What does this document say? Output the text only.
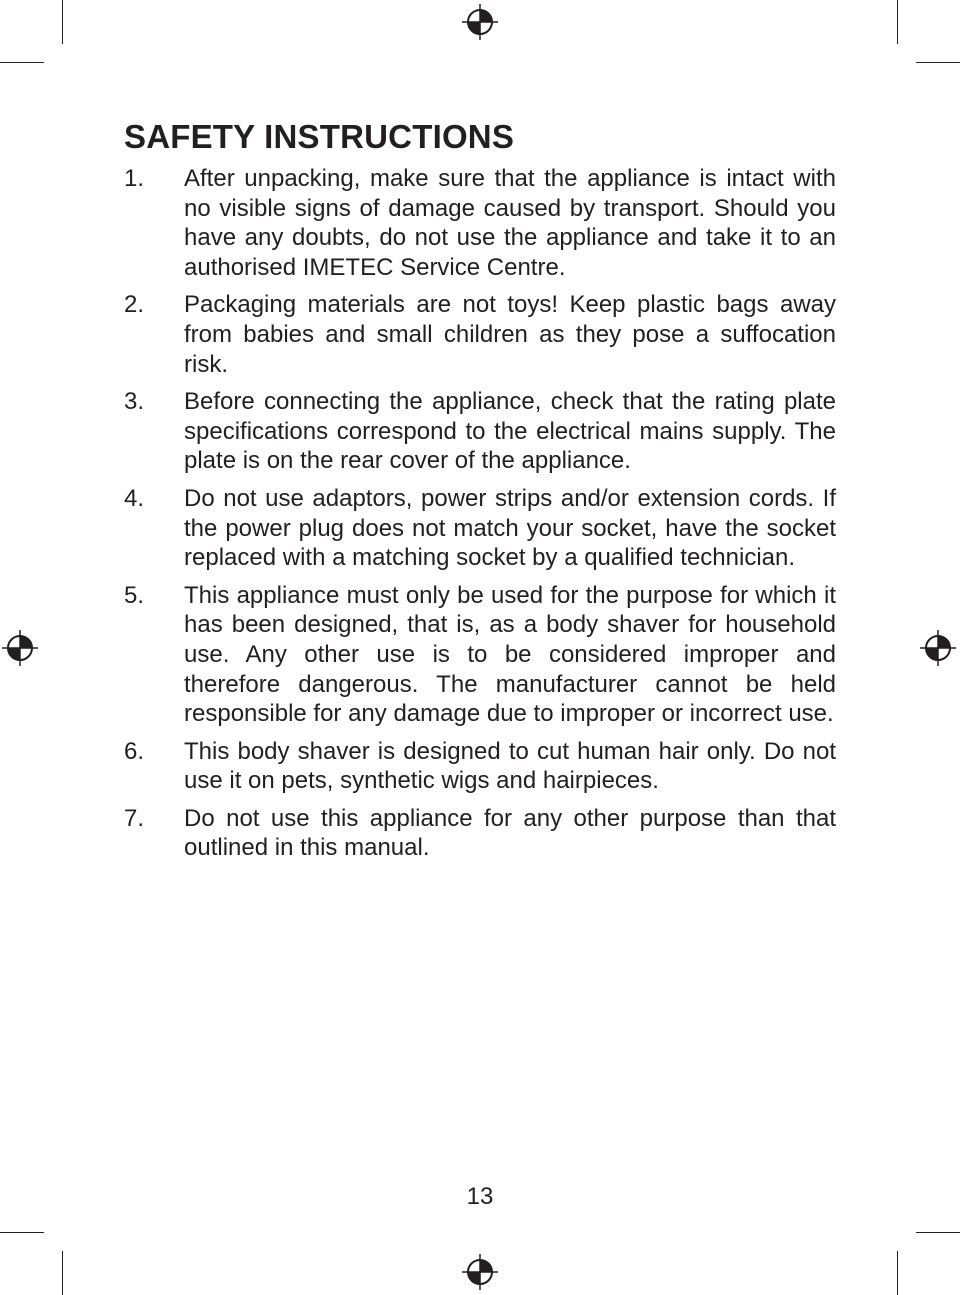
SAFETY INSTRUCTIONS
1.	After unpacking, make sure that the appliance is intact with no visible signs of damage caused by transport. Should you have any doubts, do not use the appliance and take it to an authorised IMETEC Service Centre.
2.	Packaging materials are not toys! Keep plastic bags away from babies and small children as they pose a suffocation risk.
3.	Before connecting the appliance, check that the rating plate specifications correspond to the electrical mains supply. The plate is on the rear cover of the appliance.
4.	Do not use adaptors, power strips and/or extension cords. If the power plug does not match your socket, have the socket replaced with a matching socket by a qualified technician.
5.	This appliance must only be used for the purpose for which it has been designed, that is, as a body shaver for household use. Any other use is to be considered improper and therefore dangerous. The manufacturer cannot be held responsible for any damage due to improper or incorrect use.
6.	This body shaver is designed to cut human hair only. Do not use it on pets, synthetic wigs and hairpieces.
7.	Do not use this appliance for any other purpose than that outlined in this manual.
13
